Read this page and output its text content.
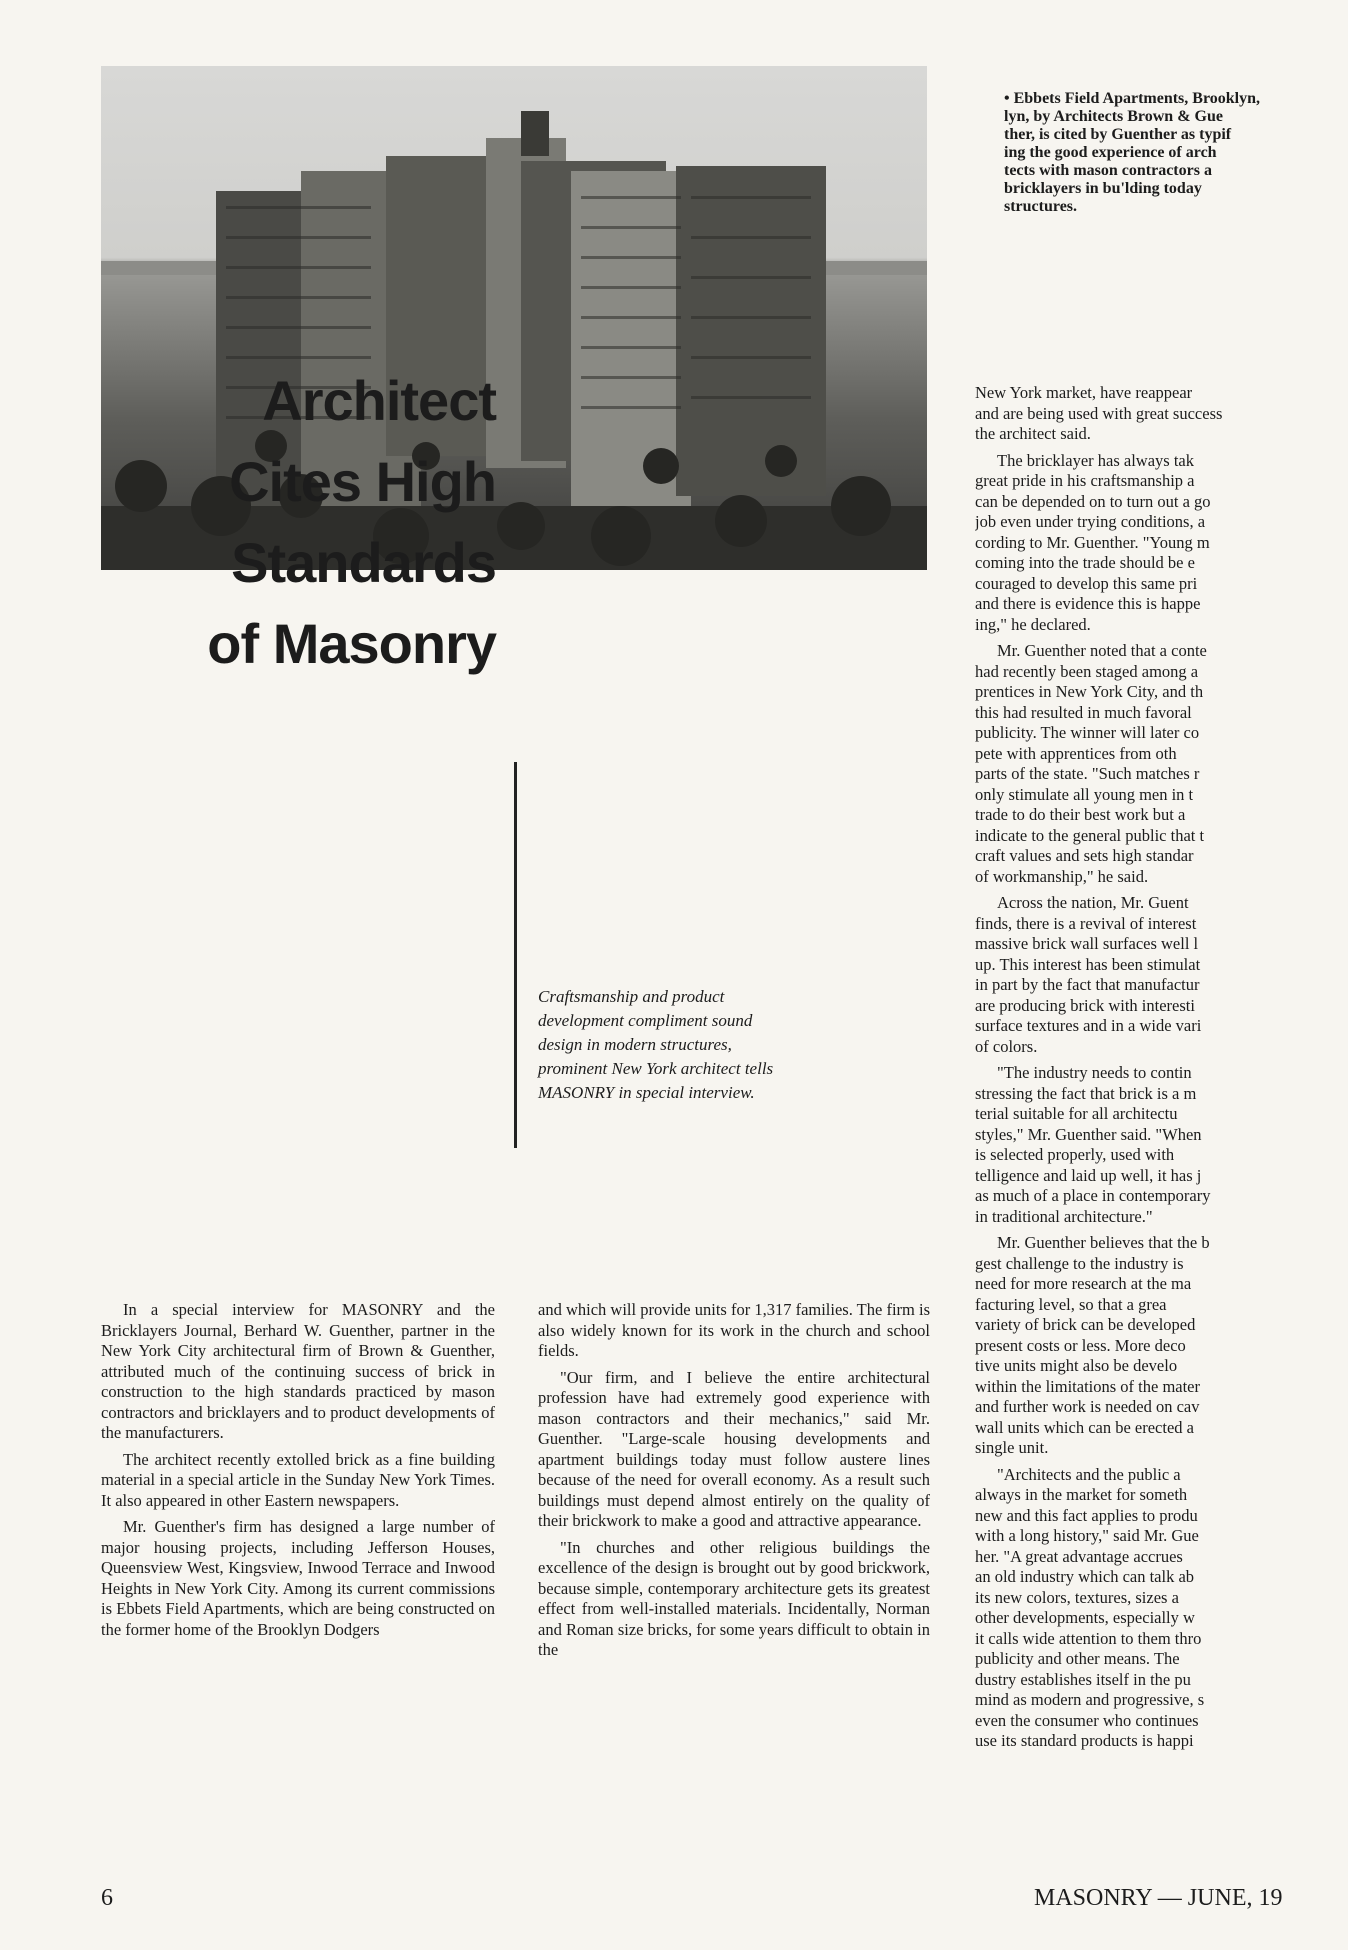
• Ebbets Field Apartments, Brooklyn,
lyn, by Architects Brown & Gue
ther, is cited by Guenther as typif
ing the good experience of arch
tects with mason contractors a
bricklayers in bu'lding today
structures.
Architect
Cites High
Standards
of Masonry
Craftsmanship and product
development compliment sound
design in modern structures,
prominent New York architect tells
MASONRY in special interview.

In a special interview for MASONRY and the Bricklayers Journal, Berhard W. Guenther, partner in the New York City architectural firm of Brown & Guenther, attributed much of the continuing success of brick in construction to the high standards practiced by mason contractors and bricklayers and to product developments of the manufacturers.

The architect recently extolled brick as a fine building material in a special article in the Sunday New York Times. It also appeared in other Eastern newspapers.

Mr. Guenther's firm has designed a large number of major housing projects, including Jefferson Houses, Queensview West, Kingsview, Inwood Terrace and Inwood Heights in New York City. Among its current commissions is Ebbets Field Apartments, which are being constructed on the former home of the Brooklyn Dodgers

and which will provide units for 1,317 families. The firm is also widely known for its work in the church and school fields.

"Our firm, and I believe the entire architectural profession have had extremely good experience with mason contractors and their mechanics," said Mr. Guenther. "Large-scale housing developments and apartment buildings today must follow austere lines because of the need for overall economy. As a result such buildings must depend almost entirely on the quality of their brickwork to make a good and attractive appearance.

"In churches and other religious buildings the excellence of the design is brought out by good brickwork, because simple, contemporary architecture gets its greatest effect from well-installed materials. Incidentally, Norman and Roman size bricks, for some years difficult to obtain in the

New York market, have reappear
and are being used with great success
the architect said.

The bricklayer has always tak
great pride in his craftsmanship a
can be depended on to turn out a go
job even under trying conditions, a
cording to Mr. Guenther. "Young m
coming into the trade should be e
couraged to develop this same pri
and there is evidence this is happe
ing," he declared.

Mr. Guenther noted that a conte
had recently been staged among a
prentices in New York City, and th
this had resulted in much favoral
publicity. The winner will later co
pete with apprentices from oth
parts of the state. "Such matches r
only stimulate all young men in t
trade to do their best work but a
indicate to the general public that t
craft values and sets high standar
of workmanship," he said.

Across the nation, Mr. Guent
finds, there is a revival of interest
massive brick wall surfaces well l
up. This interest has been stimulat
in part by the fact that manufactur
are producing brick with interesti
surface textures and in a wide vari
of colors.

"The industry needs to contin
stressing the fact that brick is a m
terial suitable for all architectu
styles," Mr. Guenther said. "When
is selected properly, used with
telligence and laid up well, it has j
as much of a place in contemporary
in traditional architecture."

Mr. Guenther believes that the b
gest challenge to the industry is
need for more research at the ma
facturing level, so that a grea
variety of brick can be developed
present costs or less. More deco
tive units might also be develo
within the limitations of the mater
and further work is needed on cav
wall units which can be erected a
single unit.

"Architects and the public a
always in the market for someth
new and this fact applies to produ
with a long history," said Mr. Gue
her. "A great advantage accrues
an old industry which can talk ab
its new colors, textures, sizes a
other developments, especially w
it calls wide attention to them thro
publicity and other means. The
dustry establishes itself in the pu
mind as modern and progressive, s
even the consumer who continues
use its standard products is happi

6	MASONRY — JUNE, 19
